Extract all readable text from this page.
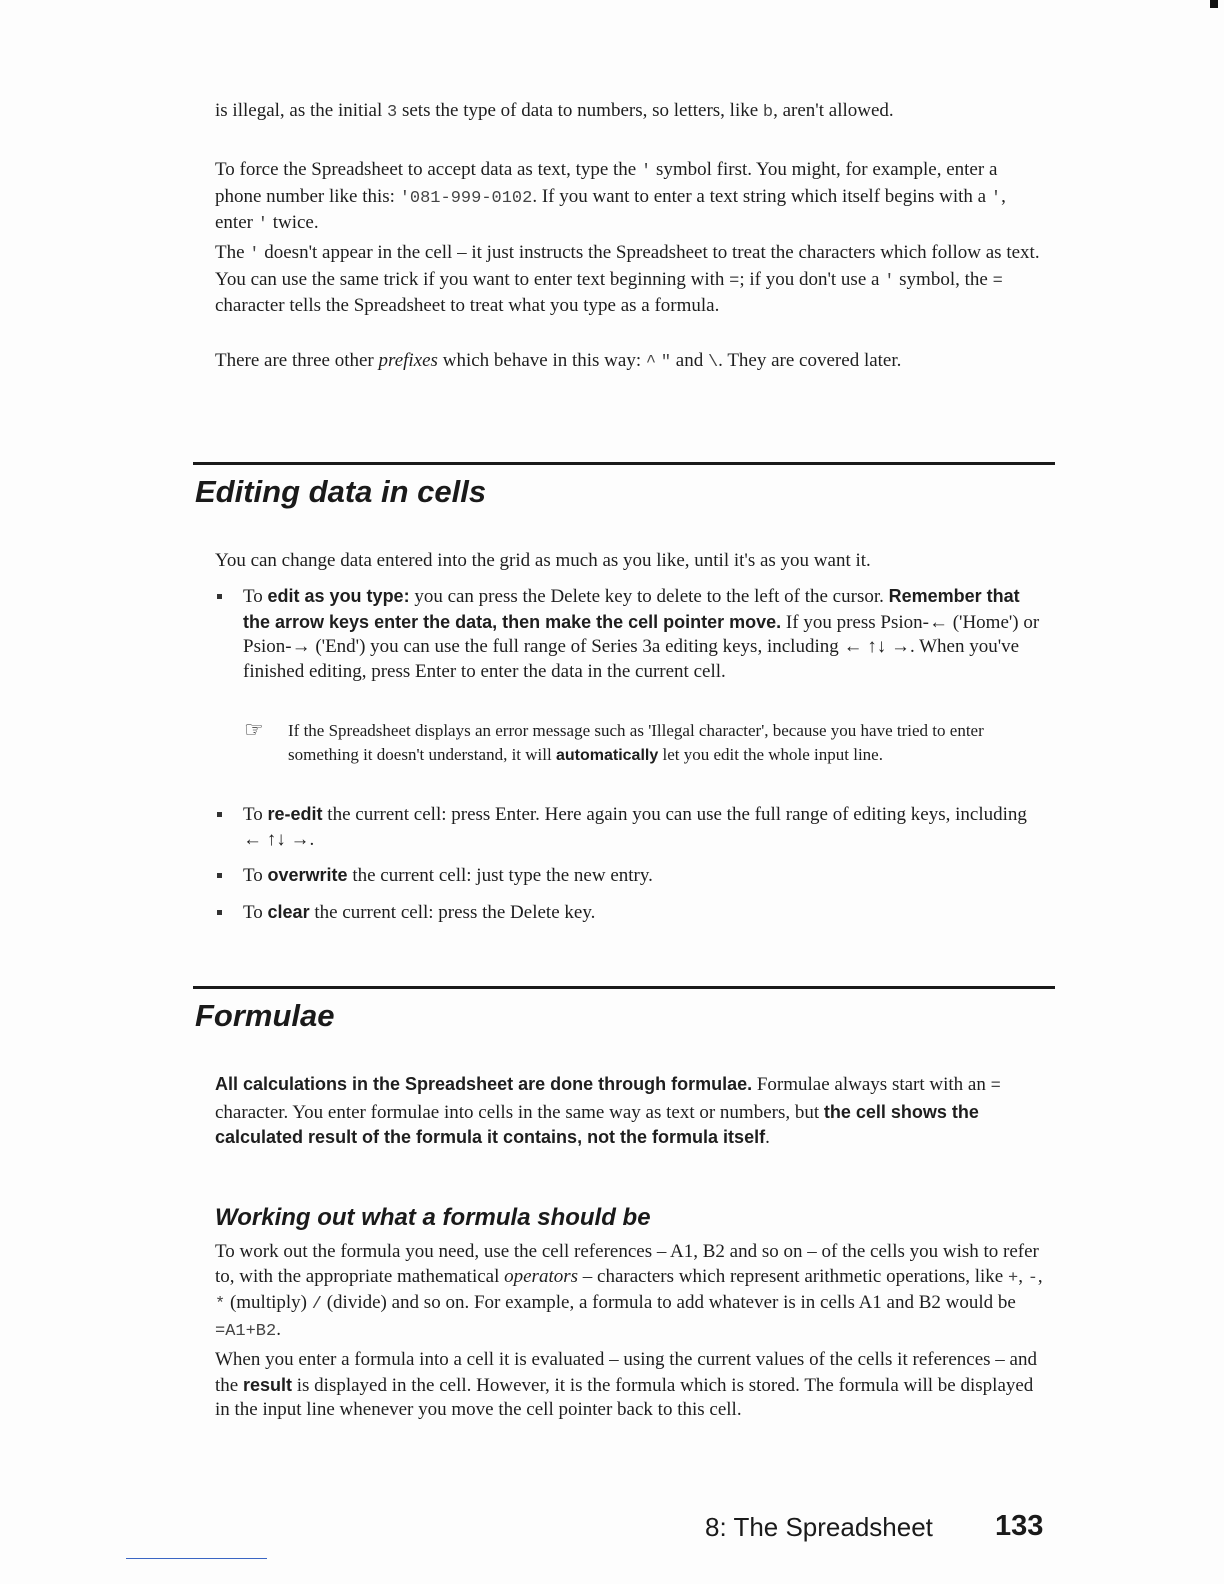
is illegal, as the initial 3 sets the type of data to numbers, so letters, like b, aren't allowed.

To force the Spreadsheet to accept data as text, type the ' symbol first. You might, for example, enter a phone number like this: '081-999-0102. If you want to enter a text string which itself begins with a ', enter ' twice.

The ' doesn't appear in the cell – it just instructs the Spreadsheet to treat the characters which follow as text. You can use the same trick if you want to enter text beginning with =; if you don't use a ' symbol, the = character tells the Spreadsheet to treat what you type as a formula.

There are three other prefixes which behave in this way: ^ " and \. They are covered later.

Editing data in cells

You can change data entered into the grid as much as you like, until it's as you want it.

To edit as you type: you can press the Delete key to delete to the left of the cursor. Remember that the arrow keys enter the data, then make the cell pointer move. If you press Psion-← ('Home') or Psion-→ ('End') you can use the full range of Series 3a editing keys, including ← ↑↓ →. When you've finished editing, press Enter to enter the data in the current cell.
☞ If the Spreadsheet displays an error message such as 'Illegal character', because you have tried to enter something it doesn't understand, it will automatically let you edit the whole input line.
To re-edit the current cell: press Enter. Here again you can use the full range of editing keys, including ← ↑↓ →.
To overwrite the current cell: just type the new entry.
To clear the current cell: press the Delete key.
Formulae

All calculations in the Spreadsheet are done through formulae. Formulae always start with an = character. You enter formulae into cells in the same way as text or numbers, but the cell shows the calculated result of the formula it contains, not the formula itself.

Working out what a formula should be

To work out the formula you need, use the cell references – A1, B2 and so on – of the cells you wish to refer to, with the appropriate mathematical operators – characters which represent arithmetic operations, like +, -, * (multiply) / (divide) and so on. For example, a formula to add whatever is in cells A1 and B2 would be =A1+B2.

When you enter a formula into a cell it is evaluated – using the current values of the cells it references – and the result is displayed in the cell. However, it is the formula which is stored. The formula will be displayed in the input line whenever you move the cell pointer back to this cell.

8: The Spreadsheet 133
